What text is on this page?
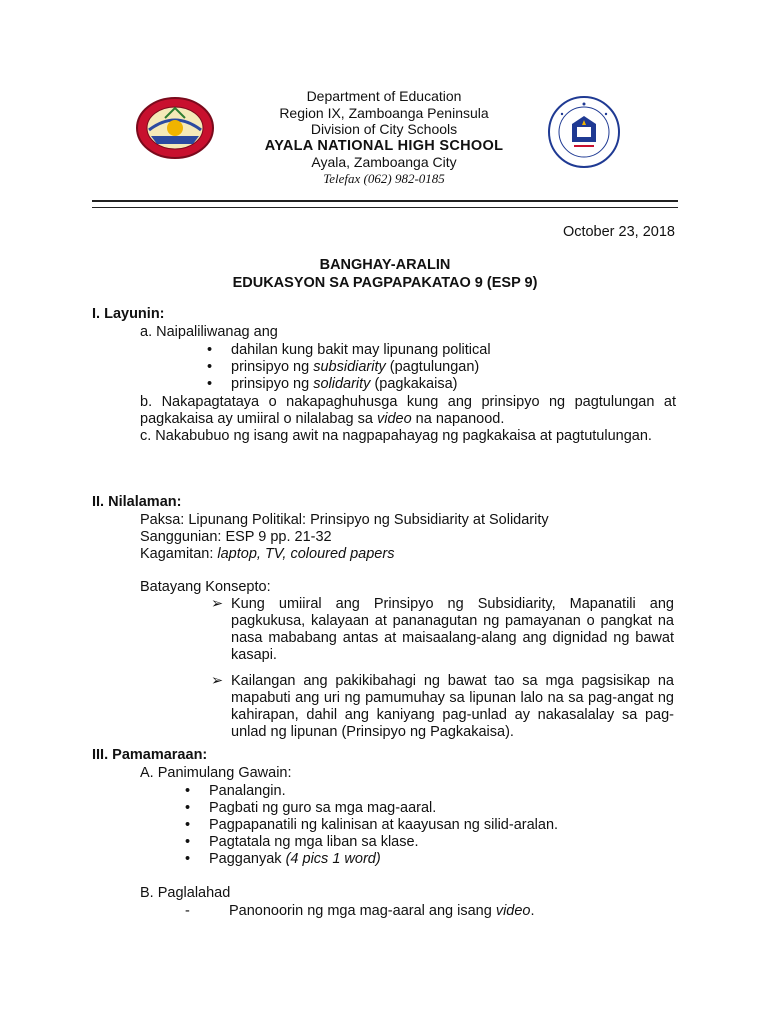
Department of Education
Region IX, Zamboanga Peninsula
Division of City Schools
AYALA NATIONAL HIGH SCHOOL
Ayala, Zamboanga City
Telefax (062) 982-0185
October 23, 2018
BANGHAY-ARALIN
EDUKASYON SA PAGPAPAKATAO 9 (ESP 9)
I. Layunin:
a. Naipaliliwanag ang
•	dahilan kung bakit may lipunang political
•	prinsipyo ng subsidiarity (pagtulungan)
•	prinsipyo ng solidarity (pagkakaisa)
b. Nakapagtataya o nakapaghuhusga kung ang prinsipyo ng pagtulungan at pagkakaisa ay umiiral o nilalabag sa video na napanood.
c. Nakabubuo ng isang awit na nagpapahayag ng pagkakaisa at pagtutulungan.
II. Nilalaman:
Paksa: Lipunang Politikal: Prinsipyo ng Subsidiarity at Solidarity
Sanggunian: ESP 9 pp. 21-32
Kagamitan: laptop, TV, coloured papers
Batayang Konsepto:
➢ Kung umiiral ang Prinsipyo ng Subsidiarity, Mapanatili ang pagkukusa, kalayaan at pananagutan ng pamayanan o pangkat na nasa mababang antas at maisaalang-alang ang dignidad ng bawat kasapi.
➢ Kailangan ang pakikibahagi ng bawat tao sa mga pagsisikap na mapabuti ang uri ng pamumuhay sa lipunan lalo na sa pag-angat ng kahirapan, dahil ang kaniyang pag-unlad ay nakasalalay sa pag-unlad ng lipunan (Prinsipyo ng Pagkakaisa).
III. Pamamaraan:
A. Panimulang Gawain:
•	Panalangin.
•	Pagbati ng guro sa mga mag-aaral.
•	Pagpapanatili ng kalinisan at kaayusan ng silid-aralan.
•	Pagtatala ng mga liban sa klase.
•	Pagganyak (4 pics 1 word)
B. Paglalahad
-	Panonoorin ng mga mag-aaral ang isang video.
